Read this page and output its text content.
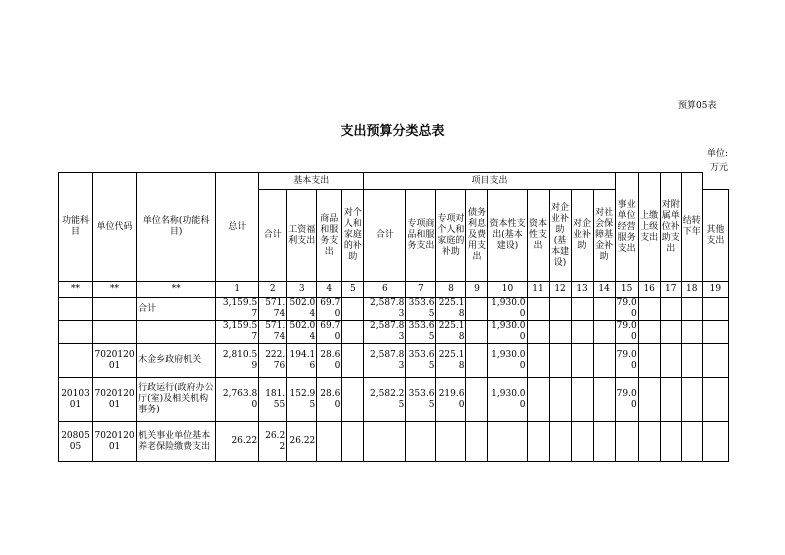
预算05表
支出预算分类总表
单位:
万元
功能科目	单位代码	单位名称(功能科目)	总计	基本支出				项目支出									事业单位经营服务支出	上缴上级支出	对附属单位补助支出	结转下年	
				合计	工资福利支出	商品和服务支出	对个人和家庭的补助	合计	专项商品和服务支出	专项对个人和家庭的补助	债务利息及费用支出	资本性支出(基本建设)	资本性支出	对企业补助(基本建设)	对企业补助	对社会保障基金补助					其他支出
**	**	**	1	2	3	4	5	6	7	8	9	10	11	12	13	14	15	16	17	18	19
		合计	3,159.57	571.74	502.04	69.70		2,587.83	353.65	225.18		1,930.00					79.00				
			3,159.57	571.74	502.04	69.70		2,587.83	353.65	225.18		1,930.00					79.00				
	702012001	木金乡政府机关	2,810.59	222.76	194.16	28.60		2,587.83	353.65	225.18		1,930.00					79.00				
2010301	702012001	行政运行(政府办公厅(室)及相关机构事务)	2,763.80	181.55	152.95	28.60		2,582.25	353.65	219.60		1,930.00					79.00				
2080505	702012001	机关事业单位基本养老保险缴费支出	26.22	26.22	26.22																
